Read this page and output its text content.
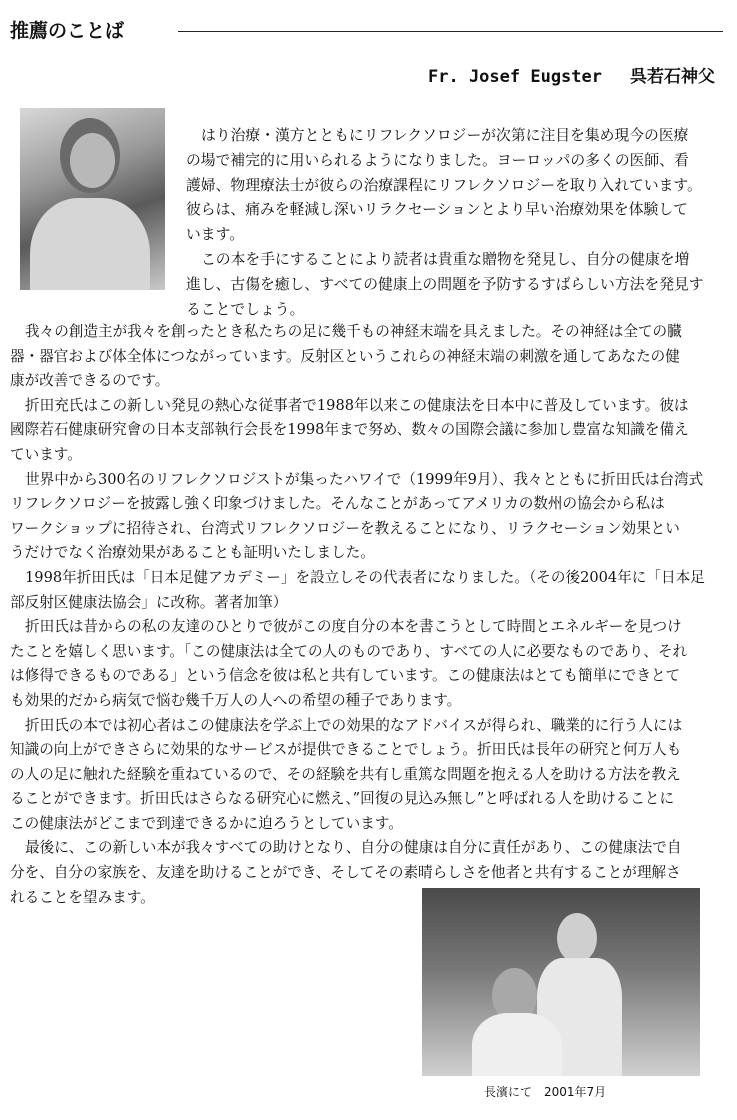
推薦のことば
Fr. Josef Eugster 呉若石神父
はり治療・漢方とともにリフレクソロジーが次第に注目を集め現今の医療
の場で補完的に用いられるようになりました。ヨーロッパの多くの医師、看
護婦、物理療法士が彼らの治療課程にリフレクソロジーを取り入れています。
彼らは、痛みを軽減し深いリラクセーションとより早い治療効果を体験して
います。
この本を手にすることにより読者は貴重な贈物を発見し、自分の健康を増
進し、古傷を癒し、すべての健康上の問題を予防するすばらしい方法を発見す
ることでしょう。
我々の創造主が我々を創ったとき私たちの足に幾千もの神経末端を具えました。その神経は全ての臓
器・器官および体全体につながっています。反射区というこれらの神経末端の刺激を通してあなたの健
康が改善できるのです。
折田充氏はこの新しい発見の熱心な従事者で1988年以来この健康法を日本中に普及しています。彼は
國際若石健康研究會の日本支部執行会長を1998年まで努め、数々の国際会議に参加し豊富な知識を備え
ています。
世界中から300名のリフレクソロジストが集ったハワイで（1999年9月）、我々とともに折田氏は台湾式
リフレクソロジーを披露し強く印象づけました。そんなことがあってアメリカの数州の協会から私は
ワークショップに招待され、台湾式リフレクソロジーを教えることになり、リラクセーション効果とい
うだけでなく治療効果があることも証明いたしました。
1998年折田氏は「日本足健アカデミー」を設立しその代表者になりました。（その後2004年に「日本足
部反射区健康法協会」に改称。著者加筆）
折田氏は昔からの私の友達のひとりで彼がこの度自分の本を書こうとして時間とエネルギーを見つけ
たことを嬉しく思います。「この健康法は全ての人のものであり、すべての人に必要なものであり、それ
は修得できるものである」という信念を彼は私と共有しています。この健康法はとても簡単にできとて
も効果的だから病気で悩む幾千万人の人への希望の種子であります。
折田氏の本では初心者はこの健康法を学ぶ上での効果的なアドバイスが得られ、職業的に行う人には
知識の向上ができさらに効果的なサービスが提供できることでしょう。折田氏は長年の研究と何万人も
の人の足に触れた経験を重ねているので、その経験を共有し重篤な問題を抱える人を助ける方法を教え
ることができます。折田氏はさらなる研究心に燃え、”回復の見込み無し”と呼ばれる人を助けることに
この健康法がどこまで到達できるかに迫ろうとしています。
最後に、この新しい本が我々すべての助けとなり、自分の健康は自分に責任があり、この健康法で自
分を、自分の家族を、友達を助けることができ、そしてその素晴らしさを他者と共有することが理解さ
れることを望みます。
長濱にて　2001年7月
